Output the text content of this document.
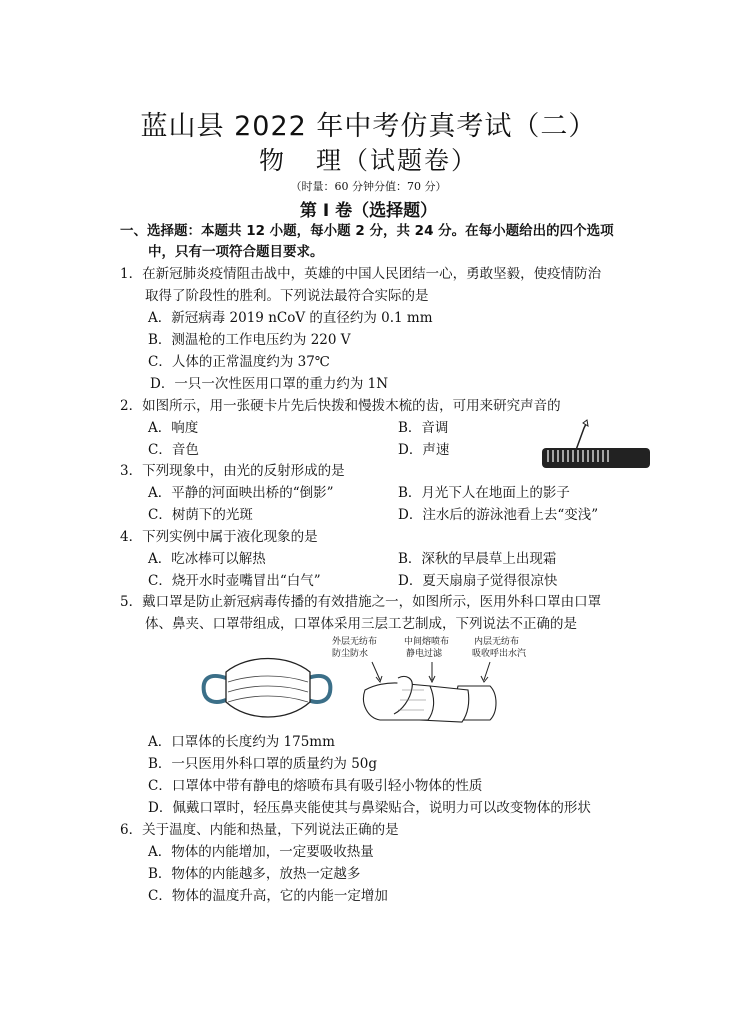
蓝山县 2022 年中考仿真考试（二）
物 理（试题卷）
（时量：60 分钟分值：70 分）
第 I 卷（选择题）
一、选择题：本题共 12 小题，每小题 2 分，共 24 分。在每小题给出的四个选项
中，只有一项符合题目要求。
1．在新冠肺炎疫情阻击战中，英雄的中国人民团结一心，勇敢坚毅，使疫情防治
取得了阶段性的胜利。下列说法最符合实际的是
A．新冠病毒 2019 nCoV 的直径约为 0.1 mm
B．测温枪的工作电压约为 220 V
C．人体的正常温度约为 37℃
D．一只一次性医用口罩的重力约为 1N
2．如图所示，用一张硬卡片先后快拨和慢拨木梳的齿，可用来研究声音的
A．响度	B．音调
C．音色	D．声速
3．下列现象中，由光的反射形成的是
A．平静的河面映出桥的“倒影”	B．月光下人在地面上的影子
C．树荫下的光斑	D．注水后的游泳池看上去“变浅”
4．下列实例中属于液化现象的是
A．吃冰棒可以解热	B．深秋的早晨草上出现霜
C．烧开水时壶嘴冒出“白气”	D．夏天扇扇子觉得很凉快
5．戴口罩是防止新冠病毒传播的有效措施之一，如图所示，医用外科口罩由口罩
体、鼻夹、口罩带组成，口罩体采用三层工艺制成，下列说法不正确的是
外层无纺布
防尘防水
中间熔喷布
静电过滤
内层无纺布
吸收呼出水汽
A．口罩体的长度约为 175mm
B．一只医用外科口罩的质量约为 50g
C．口罩体中带有静电的熔喷布具有吸引轻小物体的性质
D．佩戴口罩时，轻压鼻夹能使其与鼻梁贴合，说明力可以改变物体的形状
6．关于温度、内能和热量，下列说法正确的是
A．物体的内能增加，一定要吸收热量
B．物体的内能越多，放热一定越多
C．物体的温度升高，它的内能一定增加
